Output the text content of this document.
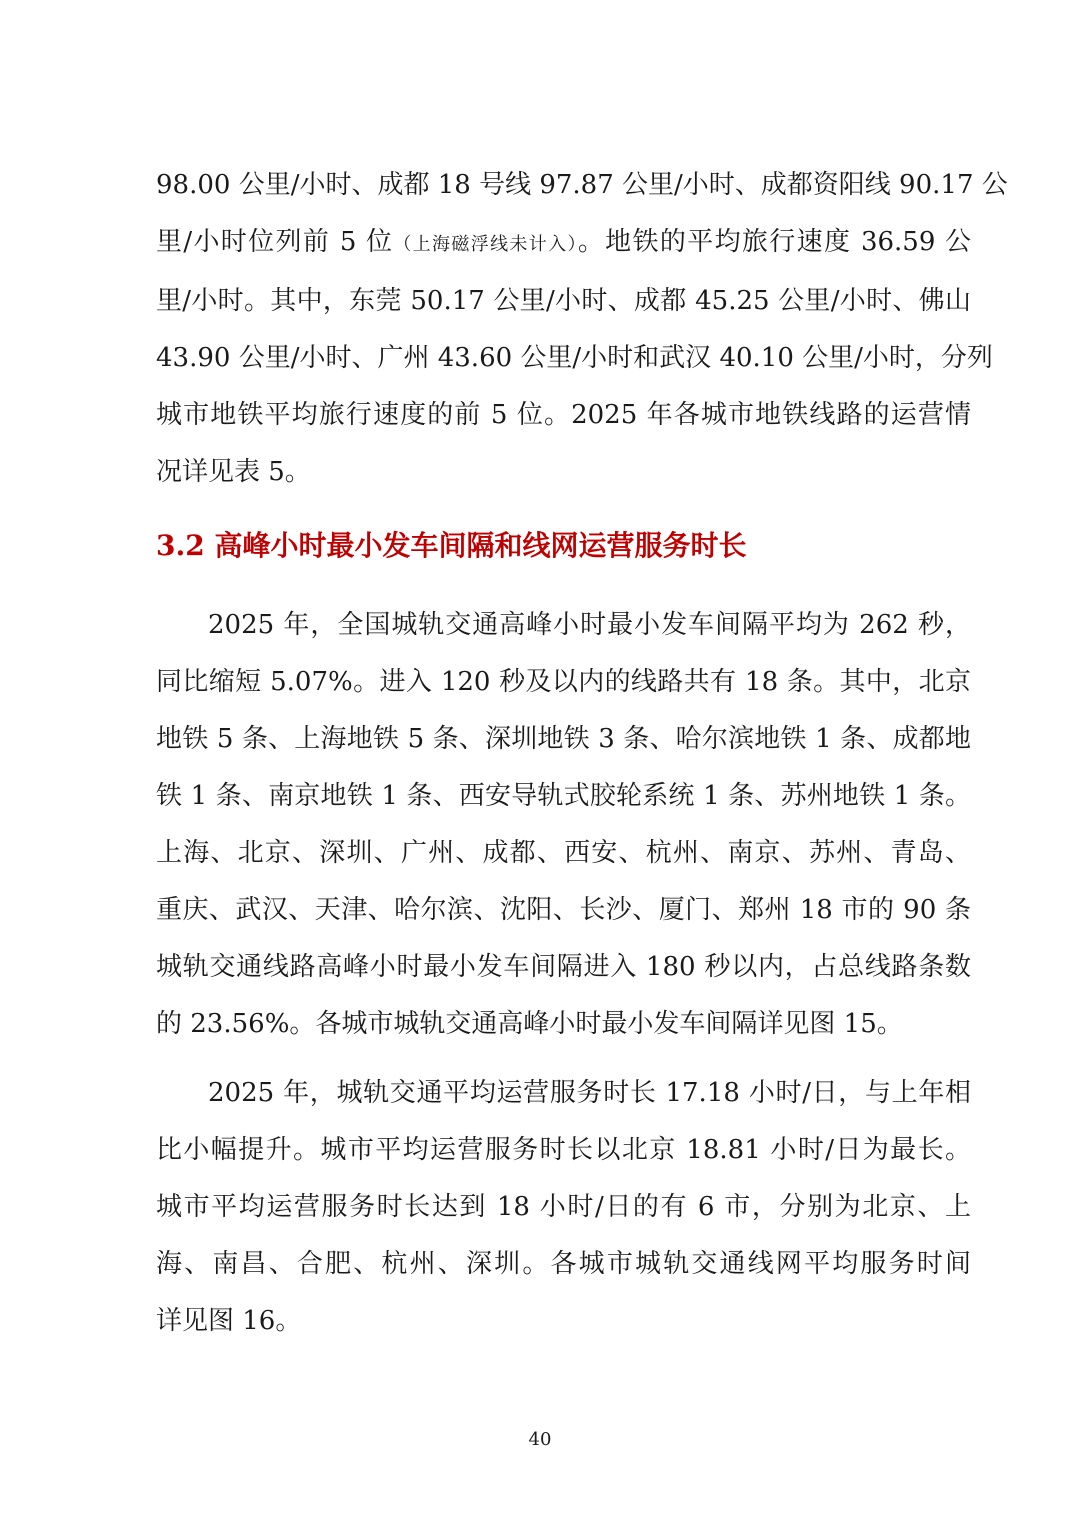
98.00 公里/小时、成都 18 号线 97.87 公里/小时、成都资阳线 90.17 公
里/小时位列前 5 位（上海磁浮线未计入）。地铁的平均旅行速度 36.59 公
里/小时。其中，东莞 50.17 公里/小时、成都 45.25 公里/小时、佛山
43.90 公里/小时、广州 43.60 公里/小时和武汉 40.10 公里/小时，分列
城市地铁平均旅行速度的前 5 位。2025 年各城市地铁线路的运营情
况详见表 5。
3.2 高峰小时最小发车间隔和线网运营服务时长
2025 年，全国城轨交通高峰小时最小发车间隔平均为 262 秒，
同比缩短 5.07%。进入 120 秒及以内的线路共有 18 条。其中，北京
地铁 5 条、上海地铁 5 条、深圳地铁 3 条、哈尔滨地铁 1 条、成都地
铁 1 条、南京地铁 1 条、西安导轨式胶轮系统 1 条、苏州地铁 1 条。
上海、北京、深圳、广州、成都、西安、杭州、南京、苏州、青岛、
重庆、武汉、天津、哈尔滨、沈阳、长沙、厦门、郑州 18 市的 90 条
城轨交通线路高峰小时最小发车间隔进入 180 秒以内，占总线路条数
的 23.56%。各城市城轨交通高峰小时最小发车间隔详见图 15。
2025 年，城轨交通平均运营服务时长 17.18 小时/日，与上年相
比小幅提升。城市平均运营服务时长以北京 18.81 小时/日为最长。
城市平均运营服务时长达到 18 小时/日的有 6 市，分别为北京、上
海、南昌、合肥、杭州、深圳。各城市城轨交通线网平均服务时间
详见图 16。
40
